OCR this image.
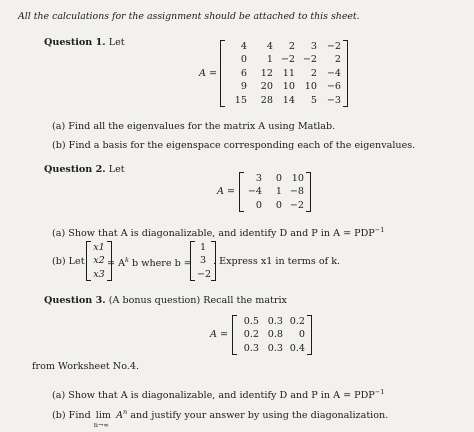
All the calculations for the assignment should be attached to this sheet.
Question 1. Let
A =
4	4	2	3	−2
0	1 −2 −2	2
6	12	11	2	−4
9	20	10	10	−6
15	28	14	5	−3
(a) Find all the eigenvalues for the matrix A using Matlab.
(b) Find a basis for the eigenspace corresponding each of the eigenvalues.
Question 2. Let
A =
3	0	10
−4	1 −8
0	0 −2
(a) Show that A is diagonalizable, and identify D and P in $A = PDP^{-1}$
(b) Let
x1
x2
x3
= $A^k$ b where b =
1
3
−2
. Express x1 in terms of k.
Question 3. (A bonus question) Recall the matrix
A =
0.5 0.3 0.2
0.2 0.8	0
0.3 0.3 0.4
from Worksheet No.4.
(a) Show that A is diagonalizable, and identify D and P in $A = PDP^{-1}$
(b) Find lim
n→∞
$A^n$ and justify your answer by using the diagonalization.
